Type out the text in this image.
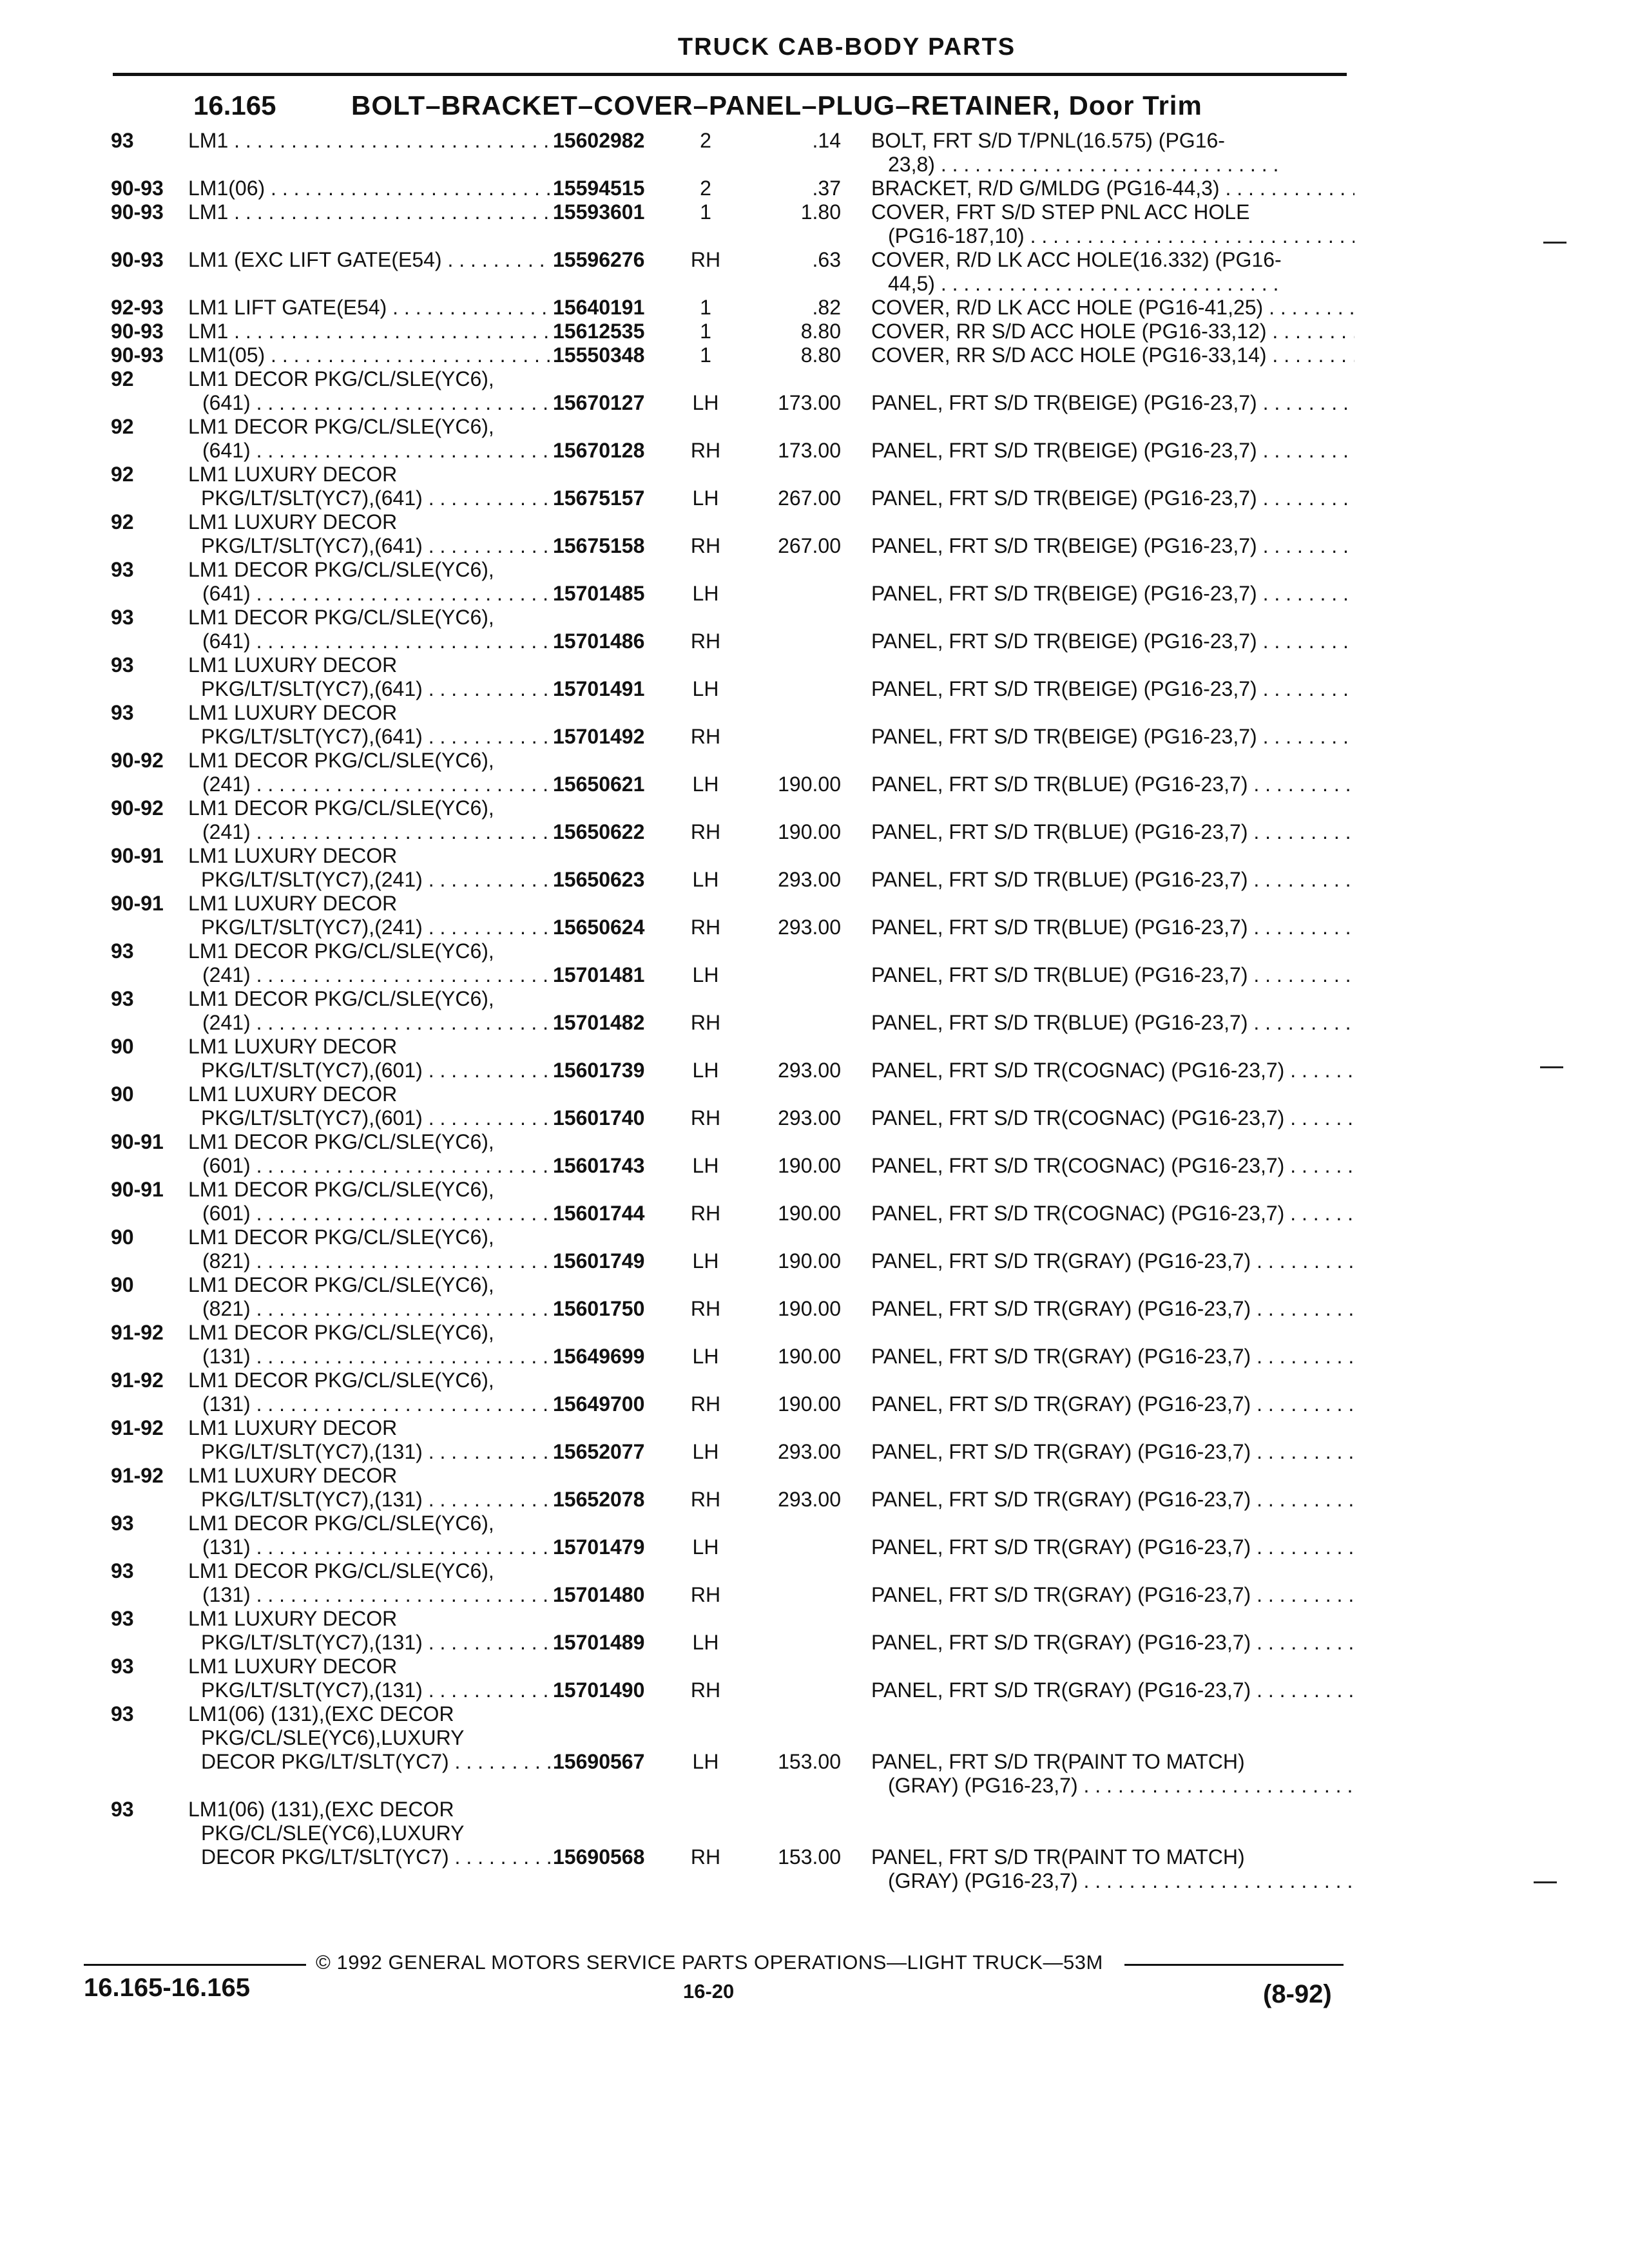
TRUCK CAB-BODY PARTS
16.165	BOLT–BRACKET–COVER–PANEL–PLUG–RETAINER, Door Trim
93	LM1 . . .	15602982	2	.14 BOLT, FRT S/D T/PNL(16.575) (PG16-
23,8) . . .
90-93	LM1(06) . . .	15594515	2	.37 BRACKET, R/D G/MLDG (PG16-44,3) . . .
90-93	LM1 . . .	15593601	1	1.80 COVER, FRT S/D STEP PNL ACC HOLE
(PG16-187,10) . . .
90-93	LM1 (EXC LIFT GATE(E54) . . .	15596276	RH	.63 COVER, R/D LK ACC HOLE(16.332) (PG16-
44,5) . . .
92-93	LM1 LIFT GATE(E54) . . .	15640191	1	.82 COVER, R/D LK ACC HOLE (PG16-41,25) . . .
90-93	LM1 . . .	15612535	1	8.80 COVER, RR S/D ACC HOLE (PG16-33,12) . . .
90-93	LM1(05) . . .	15550348	1	8.80 COVER, RR S/D ACC HOLE (PG16-33,14) . . .
92	LM1 DECOR PKG/CL/SLE(YC6),
(641) . . .	15670127	LH	173.00 PANEL, FRT S/D TR(BEIGE) (PG16-23,7) . . .
92	LM1 DECOR PKG/CL/SLE(YC6),
(641) . . .	15670128	RH	173.00 PANEL, FRT S/D TR(BEIGE) (PG16-23,7) . . .
92	LM1 LUXURY DECOR
PKG/LT/SLT(YC7),(641) . . .	15675157	LH	267.00 PANEL, FRT S/D TR(BEIGE) (PG16-23,7) . . .
92	LM1 LUXURY DECOR
PKG/LT/SLT(YC7),(641) . . .	15675158	RH	267.00 PANEL, FRT S/D TR(BEIGE) (PG16-23,7) . . .
93	LM1 DECOR PKG/CL/SLE(YC6),
(641) . . .	15701485	LH	PANEL, FRT S/D TR(BEIGE) (PG16-23,7) . . .
93	LM1 DECOR PKG/CL/SLE(YC6),
(641) . . .	15701486	RH	PANEL, FRT S/D TR(BEIGE) (PG16-23,7) . . .
93	LM1 LUXURY DECOR
PKG/LT/SLT(YC7),(641) . . .	15701491	LH	PANEL, FRT S/D TR(BEIGE) (PG16-23,7) . . .
93	LM1 LUXURY DECOR
PKG/LT/SLT(YC7),(641) . . .	15701492	RH	PANEL, FRT S/D TR(BEIGE) (PG16-23,7) . . .
90-92	LM1 DECOR PKG/CL/SLE(YC6),
(241) . . .	15650621	LH	190.00 PANEL, FRT S/D TR(BLUE) (PG16-23,7) . . .
90-92	LM1 DECOR PKG/CL/SLE(YC6),
(241) . . .	15650622	RH	190.00 PANEL, FRT S/D TR(BLUE) (PG16-23,7) . . .
90-91	LM1 LUXURY DECOR
PKG/LT/SLT(YC7),(241) . . .	15650623	LH	293.00 PANEL, FRT S/D TR(BLUE) (PG16-23,7) . . .
90-91	LM1 LUXURY DECOR
PKG/LT/SLT(YC7),(241) . . .	15650624	RH	293.00 PANEL, FRT S/D TR(BLUE) (PG16-23,7) . . .
93	LM1 DECOR PKG/CL/SLE(YC6),
(241) . . .	15701481	LH	PANEL, FRT S/D TR(BLUE) (PG16-23,7) . . .
93	LM1 DECOR PKG/CL/SLE(YC6),
(241) . . .	15701482	RH	PANEL, FRT S/D TR(BLUE) (PG16-23,7) . . .
90	LM1 LUXURY DECOR
PKG/LT/SLT(YC7),(601) . . .	15601739	LH	293.00 PANEL, FRT S/D TR(COGNAC) (PG16-23,7) . . .
90	LM1 LUXURY DECOR
PKG/LT/SLT(YC7),(601) . . .	15601740	RH	293.00 PANEL, FRT S/D TR(COGNAC) (PG16-23,7) . . .
90-91	LM1 DECOR PKG/CL/SLE(YC6),
(601) . . .	15601743	LH	190.00 PANEL, FRT S/D TR(COGNAC) (PG16-23,7) . . .
90-91	LM1 DECOR PKG/CL/SLE(YC6),
(601) . . .	15601744	RH	190.00 PANEL, FRT S/D TR(COGNAC) (PG16-23,7) . . .
90	LM1 DECOR PKG/CL/SLE(YC6),
(821) . . .	15601749	LH	190.00 PANEL, FRT S/D TR(GRAY) (PG16-23,7) . . .
90	LM1 DECOR PKG/CL/SLE(YC6),
(821) . . .	15601750	RH	190.00 PANEL, FRT S/D TR(GRAY) (PG16-23,7) . . .
91-92	LM1 DECOR PKG/CL/SLE(YC6),
(131) . . .	15649699	LH	190.00 PANEL, FRT S/D TR(GRAY) (PG16-23,7) . . .
91-92	LM1 DECOR PKG/CL/SLE(YC6),
(131) . . .	15649700	RH	190.00 PANEL, FRT S/D TR(GRAY) (PG16-23,7) . . .
91-92	LM1 LUXURY DECOR
PKG/LT/SLT(YC7),(131) . . .	15652077	LH	293.00 PANEL, FRT S/D TR(GRAY) (PG16-23,7) . . .
91-92	LM1 LUXURY DECOR
PKG/LT/SLT(YC7),(131) . . .	15652078	RH	293.00 PANEL, FRT S/D TR(GRAY) (PG16-23,7) . . .
93	LM1 DECOR PKG/CL/SLE(YC6),
(131) . . .	15701479	LH	PANEL, FRT S/D TR(GRAY) (PG16-23,7) . . .
93	LM1 DECOR PKG/CL/SLE(YC6),
(131) . . .	15701480	RH	PANEL, FRT S/D TR(GRAY) (PG16-23,7) . . .
93	LM1 LUXURY DECOR
PKG/LT/SLT(YC7),(131) . . .	15701489	LH	PANEL, FRT S/D TR(GRAY) (PG16-23,7) . . .
93	LM1 LUXURY DECOR
PKG/LT/SLT(YC7),(131) . . .	15701490	RH	PANEL, FRT S/D TR(GRAY) (PG16-23,7) . . .
93	LM1(06) (131),(EXC DECOR
PKG/CL/SLE(YC6),LUXURY
DECOR PKG/LT/SLT(YC7) . . .	15690567	LH	153.00 PANEL, FRT S/D TR(PAINT TO MATCH)
(GRAY) (PG16-23,7) . . .
93	LM1(06) (131),(EXC DECOR
PKG/CL/SLE(YC6),LUXURY
DECOR PKG/LT/SLT(YC7) . . .	15690568	RH	153.00 PANEL, FRT S/D TR(PAINT TO MATCH)
(GRAY) (PG16-23,7) . . .
© 1992 GENERAL MOTORS SERVICE PARTS OPERATIONS—LIGHT TRUCK—53M
16.165-16.165	16-20	(8-92)
